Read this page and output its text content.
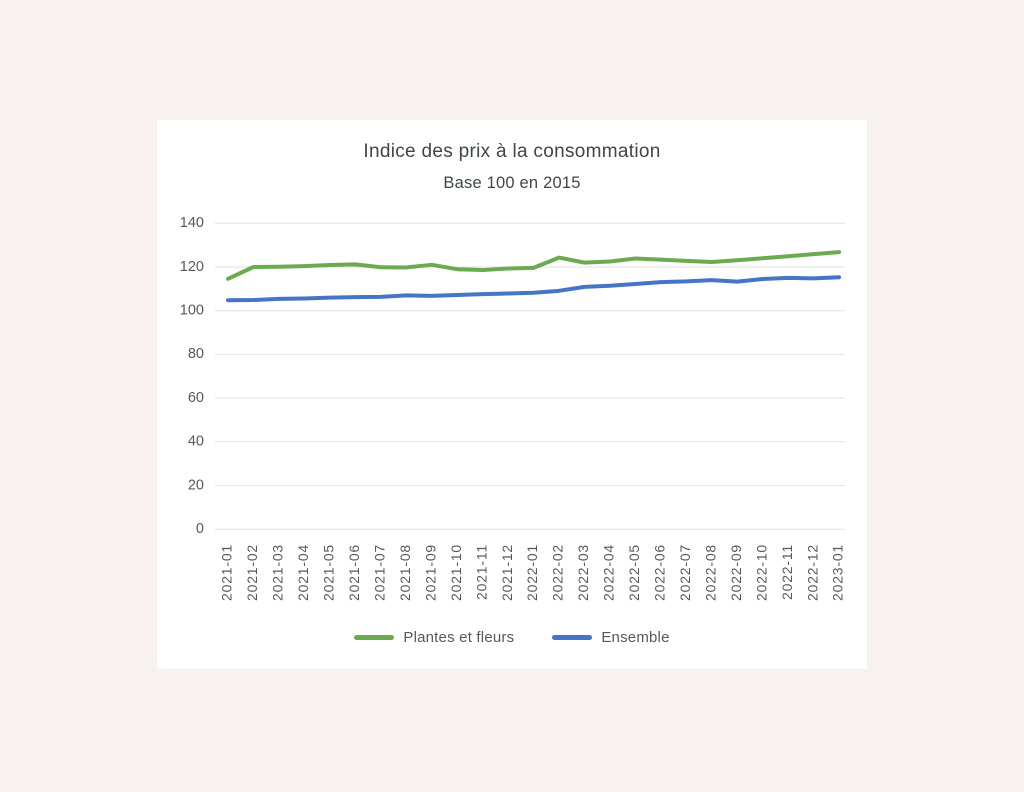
Indice des prix à la consommation
Base 100 en 2015
0
20
40
60
80
100
120
140
2021-01 2021-02 2021-03 2021-04 2021-05 2021-06 2021-07 2021-08 2021-09 2021-10 2021-11 2021-12 2022-01 2022-02 2022-03 2022-04 2022-05 2022-06 2022-07 2022-08 2022-09 2022-10 2022-11 2022-12 2023-01
Plantes et fleurs	Ensemble
